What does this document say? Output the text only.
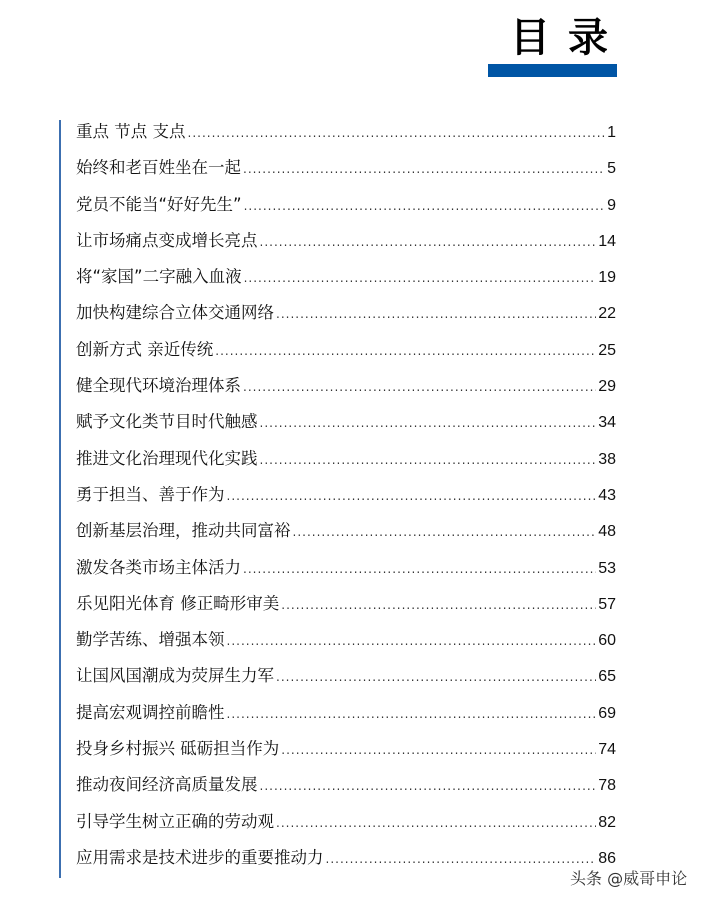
目录
重点 节点 支点 .....	1
始终和老百姓坐在一起 .....	5
党员不能当“好好先生” .....	9
让市场痛点变成增长亮点 .....	14
将“家国”二字融入血液 .....	19
加快构建综合立体交通网络 .....	22
创新方式 亲近传统 .....	25
健全现代环境治理体系 .....	29
赋予文化类节目时代触感 .....	34
推进文化治理现代化实践 .....	38
勇于担当、善于作为 .....	43
创新基层治理，推动共同富裕 .....	48
激发各类市场主体活力 .....	53
乐见阳光体育 修正畸形审美 .....	57
勤学苦练、增强本领 .....	60
让国风国潮成为荧屏生力军 .....	65
提高宏观调控前瞻性 .....	69
投身乡村振兴 砥砺担当作为 .....	74
推动夜间经济高质量发展 .....	78
引导学生树立正确的劳动观 .....	82
应用需求是技术进步的重要推动力 .....	86
头条 @威哥申论
